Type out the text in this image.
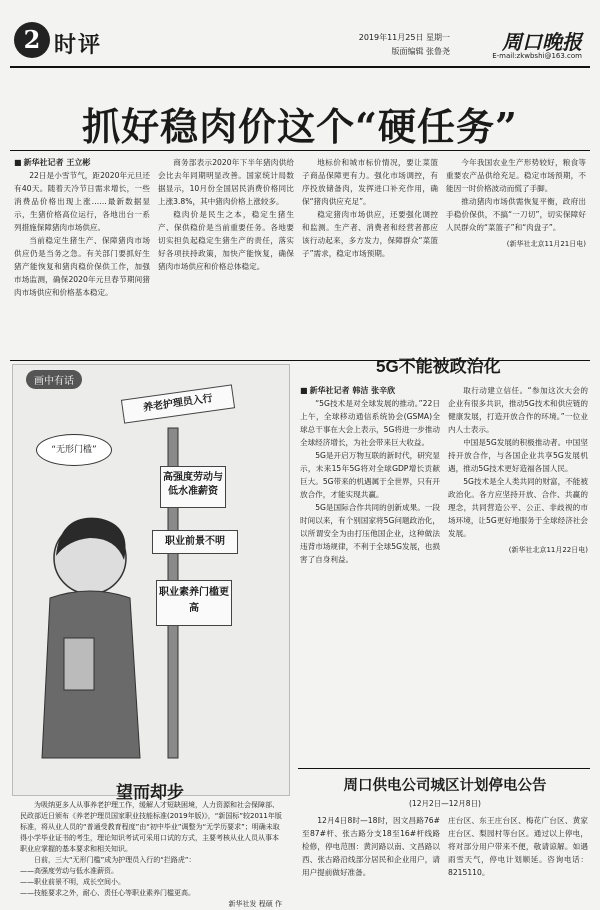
2 时评	2019年11月25日 星期一
版面编辑 张鲁尧	周口晚报
E-mail:zkwbshi@163.com
抓好稳肉价这个“硬任务”
■ 新华社记者 王立彬

22日是小雪节气，距2020年元旦还有40天。随着天冷节日需求增长，一些消费品价格出现上涨……最新数据显示，生猪价格高位运行，各地出台一系列措施保障猪肉市场供应。

当前稳定生猪生产、保障猪肉市场供应仍是当务之急。有关部门要抓好生猪产能恢复和猪肉稳价保供工作，加强市场监测，确保2020年元旦春节期间猪肉市场供应和价格基本稳定。

商务部表示2020年下半年猪肉供给会比去年同期明显改善。国家统计局数据显示，10月份全国居民消费价格同比上涨3.8%，其中猪肉价格上涨较多。

稳肉价是民生之本，稳定生猪生产、保供稳价是当前重要任务。各地要切实担负起稳定生猪生产的责任，落实好各项扶持政策，加快产能恢复，确保猪肉市场供应和价格总体稳定。

地标价和城市标价情况，要让菜篮子商品保障更有力。强化市场调控，有序投放储备肉，发挥进口补充作用，确保“猪肉供应充足”。

稳定猪肉市场供应，还要强化调控和监测。生产者、消费者和经营者都应该行动起来，多方发力，保障群众“菜篮子”需求，稳定市场预期。

今年我国农业生产形势较好，粮食等重要农产品供给充足。稳定市场预期，不能因一时价格波动而慌了手脚。

推动猪肉市场供需恢复平衡，政府出手稳价保供，不搞“一刀切”，切实保障好人民群众的“菜篮子”和“肉盘子”。

(新华社北京11月21日电)
画中有话
养老护理员入行
高强度劳动与低水准薪资
职业前景不明
职业素养门槛更高
“无形门槛”
望而却步

为吸纳更多人从事养老护理工作，缓解人才短缺困境，人力资源和社会保障部、民政部近日颁布《养老护理员国家职业技能标准(2019年版)》，“新国标”较2011年版标准，将从业人员的“普通受教育程度”由“初中毕业”调整为“无学历要求”；明确未取得小学毕业证书的考生，理论知识考试可采用口试的方式，主要考核从业人员从事本职业应掌握的基本要求和相关知识。

日前，三大“无形门槛”成为护理员入行的“拦路虎”：

——高强度劳动与低水准薪资。

——职业前景不明，成长空间小。

——技能要求之外，耐心、责任心等职业素养门槛更高。

新华社发 程硕 作

5G不能被政治化
■ 新华社记者 韩洁 张辛欣

“5G技术是对全球发展的推动。”22日上午，全球移动通信系统协会(GSMA)全球总干事在大会上表示，5G将进一步推动全球经济增长，为社会带来巨大收益。

5G是开启万物互联的新时代，研究显示，未来15年5G将对全球GDP增长贡献巨大。5G带来的机遇属于全世界，只有开放合作，才能实现共赢。

5G是国际合作共同的创新成果。一段时间以来，有个别国家将5G问题政治化，以所谓安全为由打压他国企业，这种做法违背市场规律，不利于全球5G发展，也损害了自身利益。

取行动建立信任。“参加这次大会的企业有很多共识，推动5G技术和供应链的健康发展，打造开放合作的环境。”一位业内人士表示。

中国是5G发展的积极推动者。中国坚持开放合作，与各国企业共享5G发展机遇，推动5G技术更好造福各国人民。

5G技术是全人类共同的财富，不能被政治化。各方应坚持开放、合作、共赢的理念，共同营造公平、公正、非歧视的市场环境，让5G更好地服务于全球经济社会发展。

(新华社北京11月22日电)
周口供电公司城区计划停电公告
(12月2日—12月8日)

12月4日8时—18时，因文昌路76#至87#杆、张古路分支18至16#杆线路检修，停电范围：黄河路以南、文昌路以西、张古路沿线部分居民和企业用户，请用户提前做好准备。

庄台区、东王庄台区、梅花广台区、黄家庄台区、梨园村等台区。通过以上停电，将对部分用户带来不便，敬请谅解。如遇雨雪天气，停电计划顺延。咨询电话：8215110。
